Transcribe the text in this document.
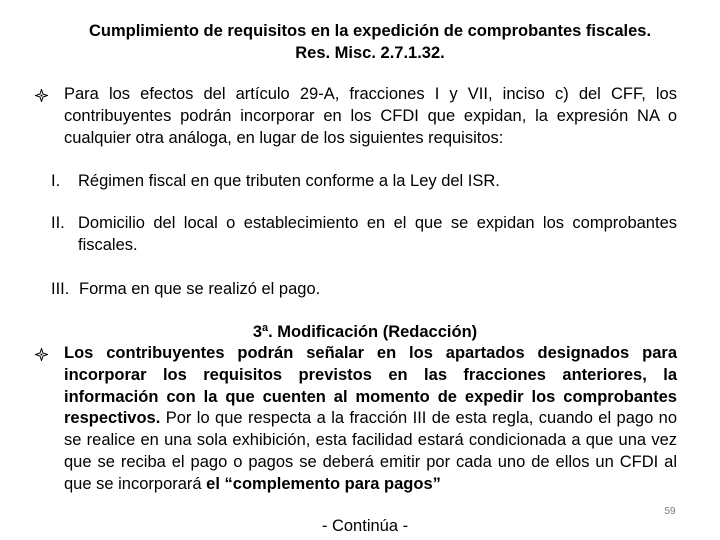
Cumplimiento de requisitos en la expedición de comprobantes fiscales.
Res. Misc. 2.7.1.32.
Para los efectos del artículo 29-A, fracciones I y VII, inciso c) del CFF, los contribuyentes podrán incorporar en los CFDI que expidan, la expresión NA o cualquier otra análoga, en lugar de los siguientes requisitos:
I. Régimen fiscal en que tributen conforme a la Ley del ISR.
II. Domicilio del local o establecimiento en el que se expidan los comprobantes fiscales.
III. Forma en que se realizó el pago.
3ª. Modificación (Redacción)
Los contribuyentes podrán señalar en los apartados designados para incorporar los requisitos previstos en las fracciones anteriores, la información con la que cuenten al momento de expedir los comprobantes respectivos. Por lo que respecta a la fracción III de esta regla, cuando el pago no se realice en una sola exhibición, esta facilidad estará condicionada a que una vez que se reciba el pago o pagos se deberá emitir por cada uno de ellos un CFDI al que se incorporará el “complemento para pagos”
59
- Continúa -
